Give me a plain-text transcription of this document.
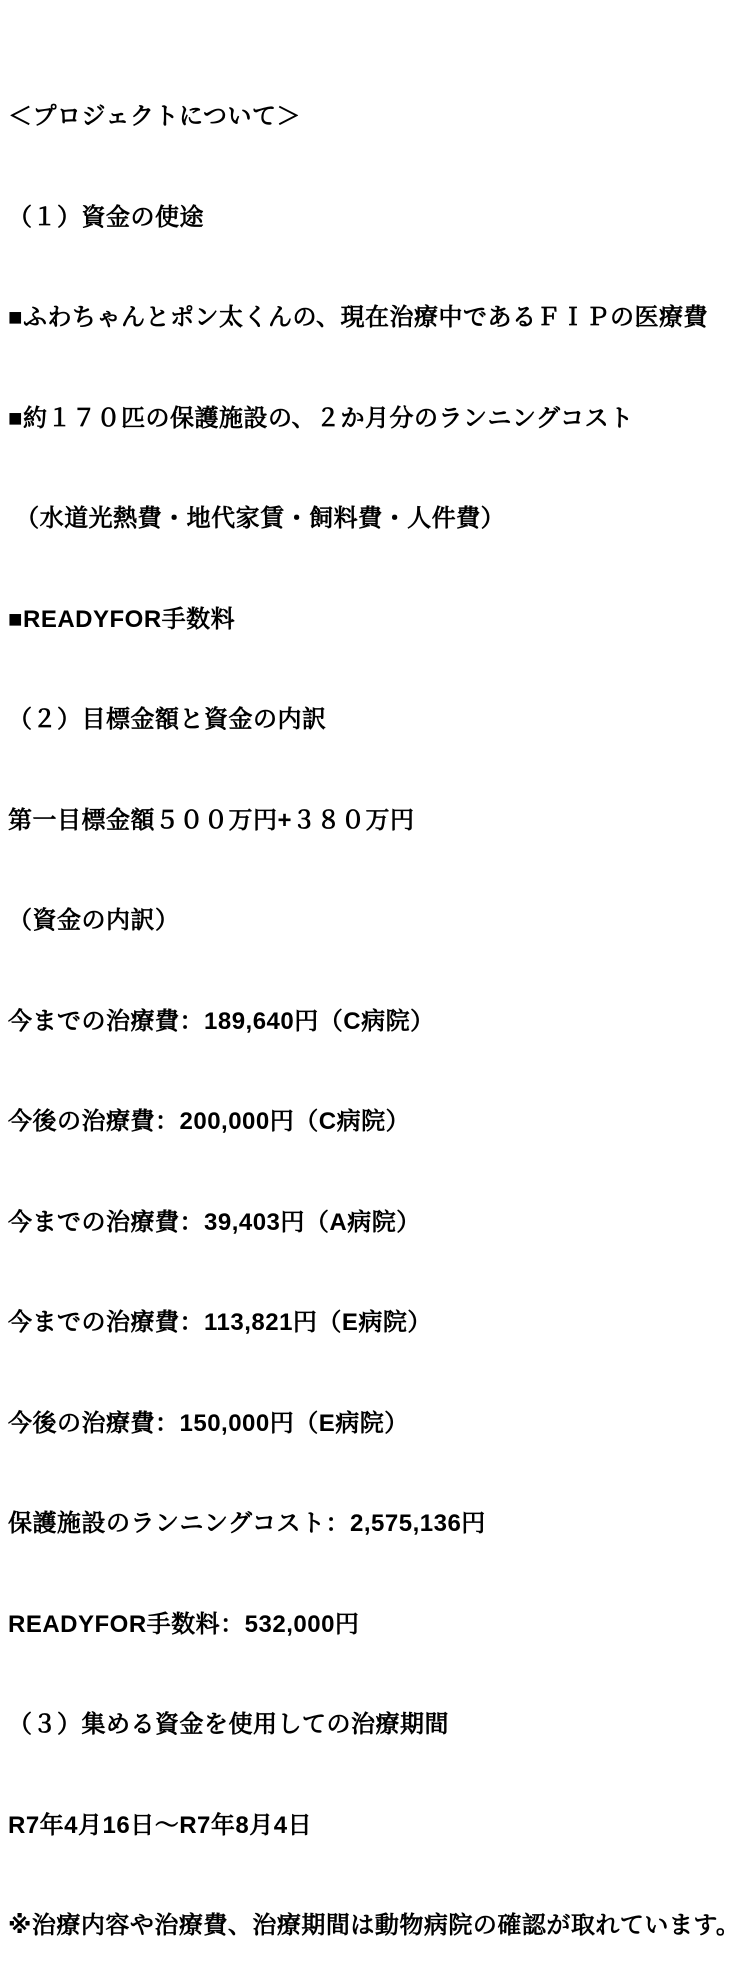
＜プロジェクトについて＞

（１）資金の使途

■ふわちゃんとポン太くんの、現在治療中であるＦＩＰの医療費

■約１７０匹の保護施設の、２か月分のランニングコスト

（水道光熱費・地代家賃・飼料費・人件費）

■READYFOR手数料

（２）目標金額と資金の内訳

第一目標金額５００万円+３８０万円

（資金の内訳）

今までの治療費：189,640円（C病院）

今後の治療費：200,000円（C病院）

今までの治療費：39,403円（A病院）

今までの治療費：113,821円（E病院）

今後の治療費：150,000円（E病院）

保護施設のランニングコスト：2,575,136円

READYFOR手数料：532,000円

（３）集める資金を使用しての治療期間

R7年4月16日～R7年8月4日

※治療内容や治療費、治療期間は動物病院の確認が取れています。
